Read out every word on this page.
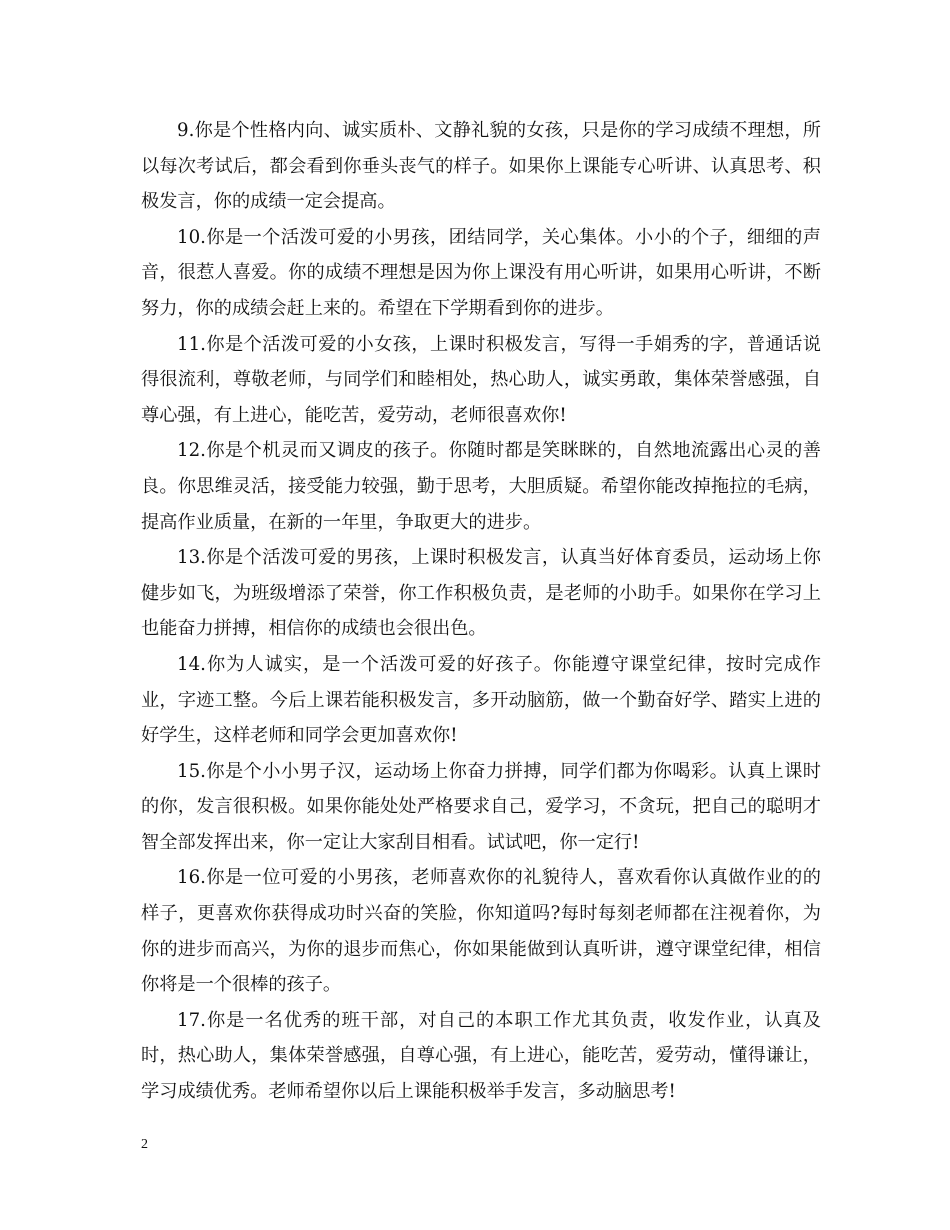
9.你是个性格内向、诚实质朴、文静礼貌的女孩，只是你的学习成绩不理想，所以每次考试后，都会看到你垂头丧气的样子。如果你上课能专心听讲、认真思考、积极发言，你的成绩一定会提高。

10.你是一个活泼可爱的小男孩，团结同学，关心集体。小小的个子，细细的声音，很惹人喜爱。你的成绩不理想是因为你上课没有用心听讲，如果用心听讲，不断努力，你的成绩会赶上来的。希望在下学期看到你的进步。

11.你是个活泼可爱的小女孩，上课时积极发言，写得一手娟秀的字，普通话说得很流利，尊敬老师，与同学们和睦相处，热心助人，诚实勇敢，集体荣誉感强，自尊心强，有上进心，能吃苦，爱劳动，老师很喜欢你!

12.你是个机灵而又调皮的孩子。你随时都是笑眯眯的，自然地流露出心灵的善良。你思维灵活，接受能力较强，勤于思考，大胆质疑。希望你能改掉拖拉的毛病，提高作业质量，在新的一年里，争取更大的进步。

13.你是个活泼可爱的男孩，上课时积极发言，认真当好体育委员，运动场上你健步如飞，为班级增添了荣誉，你工作积极负责，是老师的小助手。如果你在学习上也能奋力拼搏，相信你的成绩也会很出色。

14.你为人诚实，是一个活泼可爱的好孩子。你能遵守课堂纪律，按时完成作业，字迹工整。今后上课若能积极发言，多开动脑筋，做一个勤奋好学、踏实上进的好学生，这样老师和同学会更加喜欢你!

15.你是个小小男子汉，运动场上你奋力拼搏，同学们都为你喝彩。认真上课时的你，发言很积极。如果你能处处严格要求自己，爱学习，不贪玩，把自己的聪明才智全部发挥出来，你一定让大家刮目相看。试试吧，你一定行!

16.你是一位可爱的小男孩，老师喜欢你的礼貌待人，喜欢看你认真做作业的的样子，更喜欢你获得成功时兴奋的笑脸，你知道吗?每时每刻老师都在注视着你，为你的进步而高兴，为你的退步而焦心，你如果能做到认真听讲，遵守课堂纪律，相信你将是一个很棒的孩子。

17.你是一名优秀的班干部，对自己的本职工作尤其负责，收发作业，认真及时，热心助人，集体荣誉感强，自尊心强，有上进心，能吃苦，爱劳动，懂得谦让，学习成绩优秀。老师希望你以后上课能积极举手发言，多动脑思考!

2
